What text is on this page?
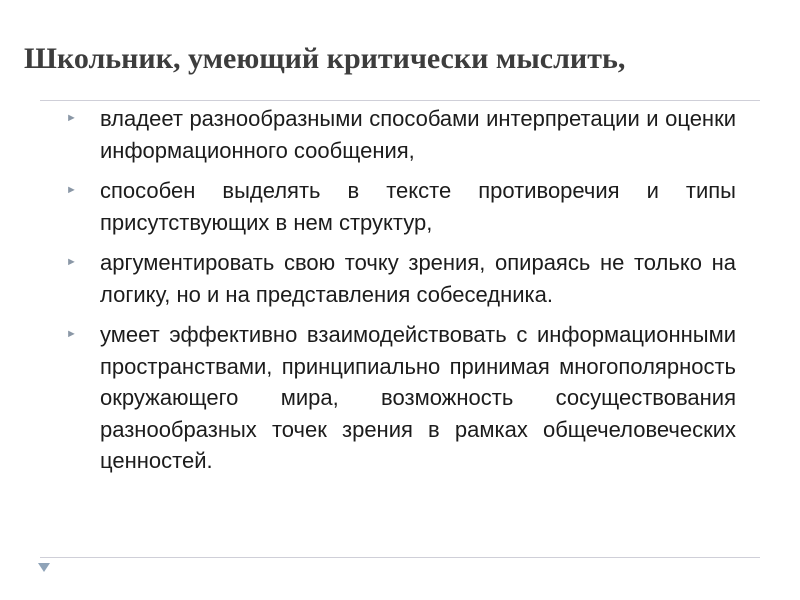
Школьник, умеющий критически мыслить,
►	владеет разнообразными способами интерпретации и оценки информационного сообщения,
►	способен выделять в тексте противоречия и типы присутствующих в нем структур,
►	аргументировать свою точку зрения, опираясь не только на логику, но и на представления собеседника.
►	умеет эффективно взаимодействовать с информационными пространствами, принципиально принимая многополярность окружающего мира, возможность сосуществования разнообразных точек зрения в рамках общечеловеческих ценностей.
